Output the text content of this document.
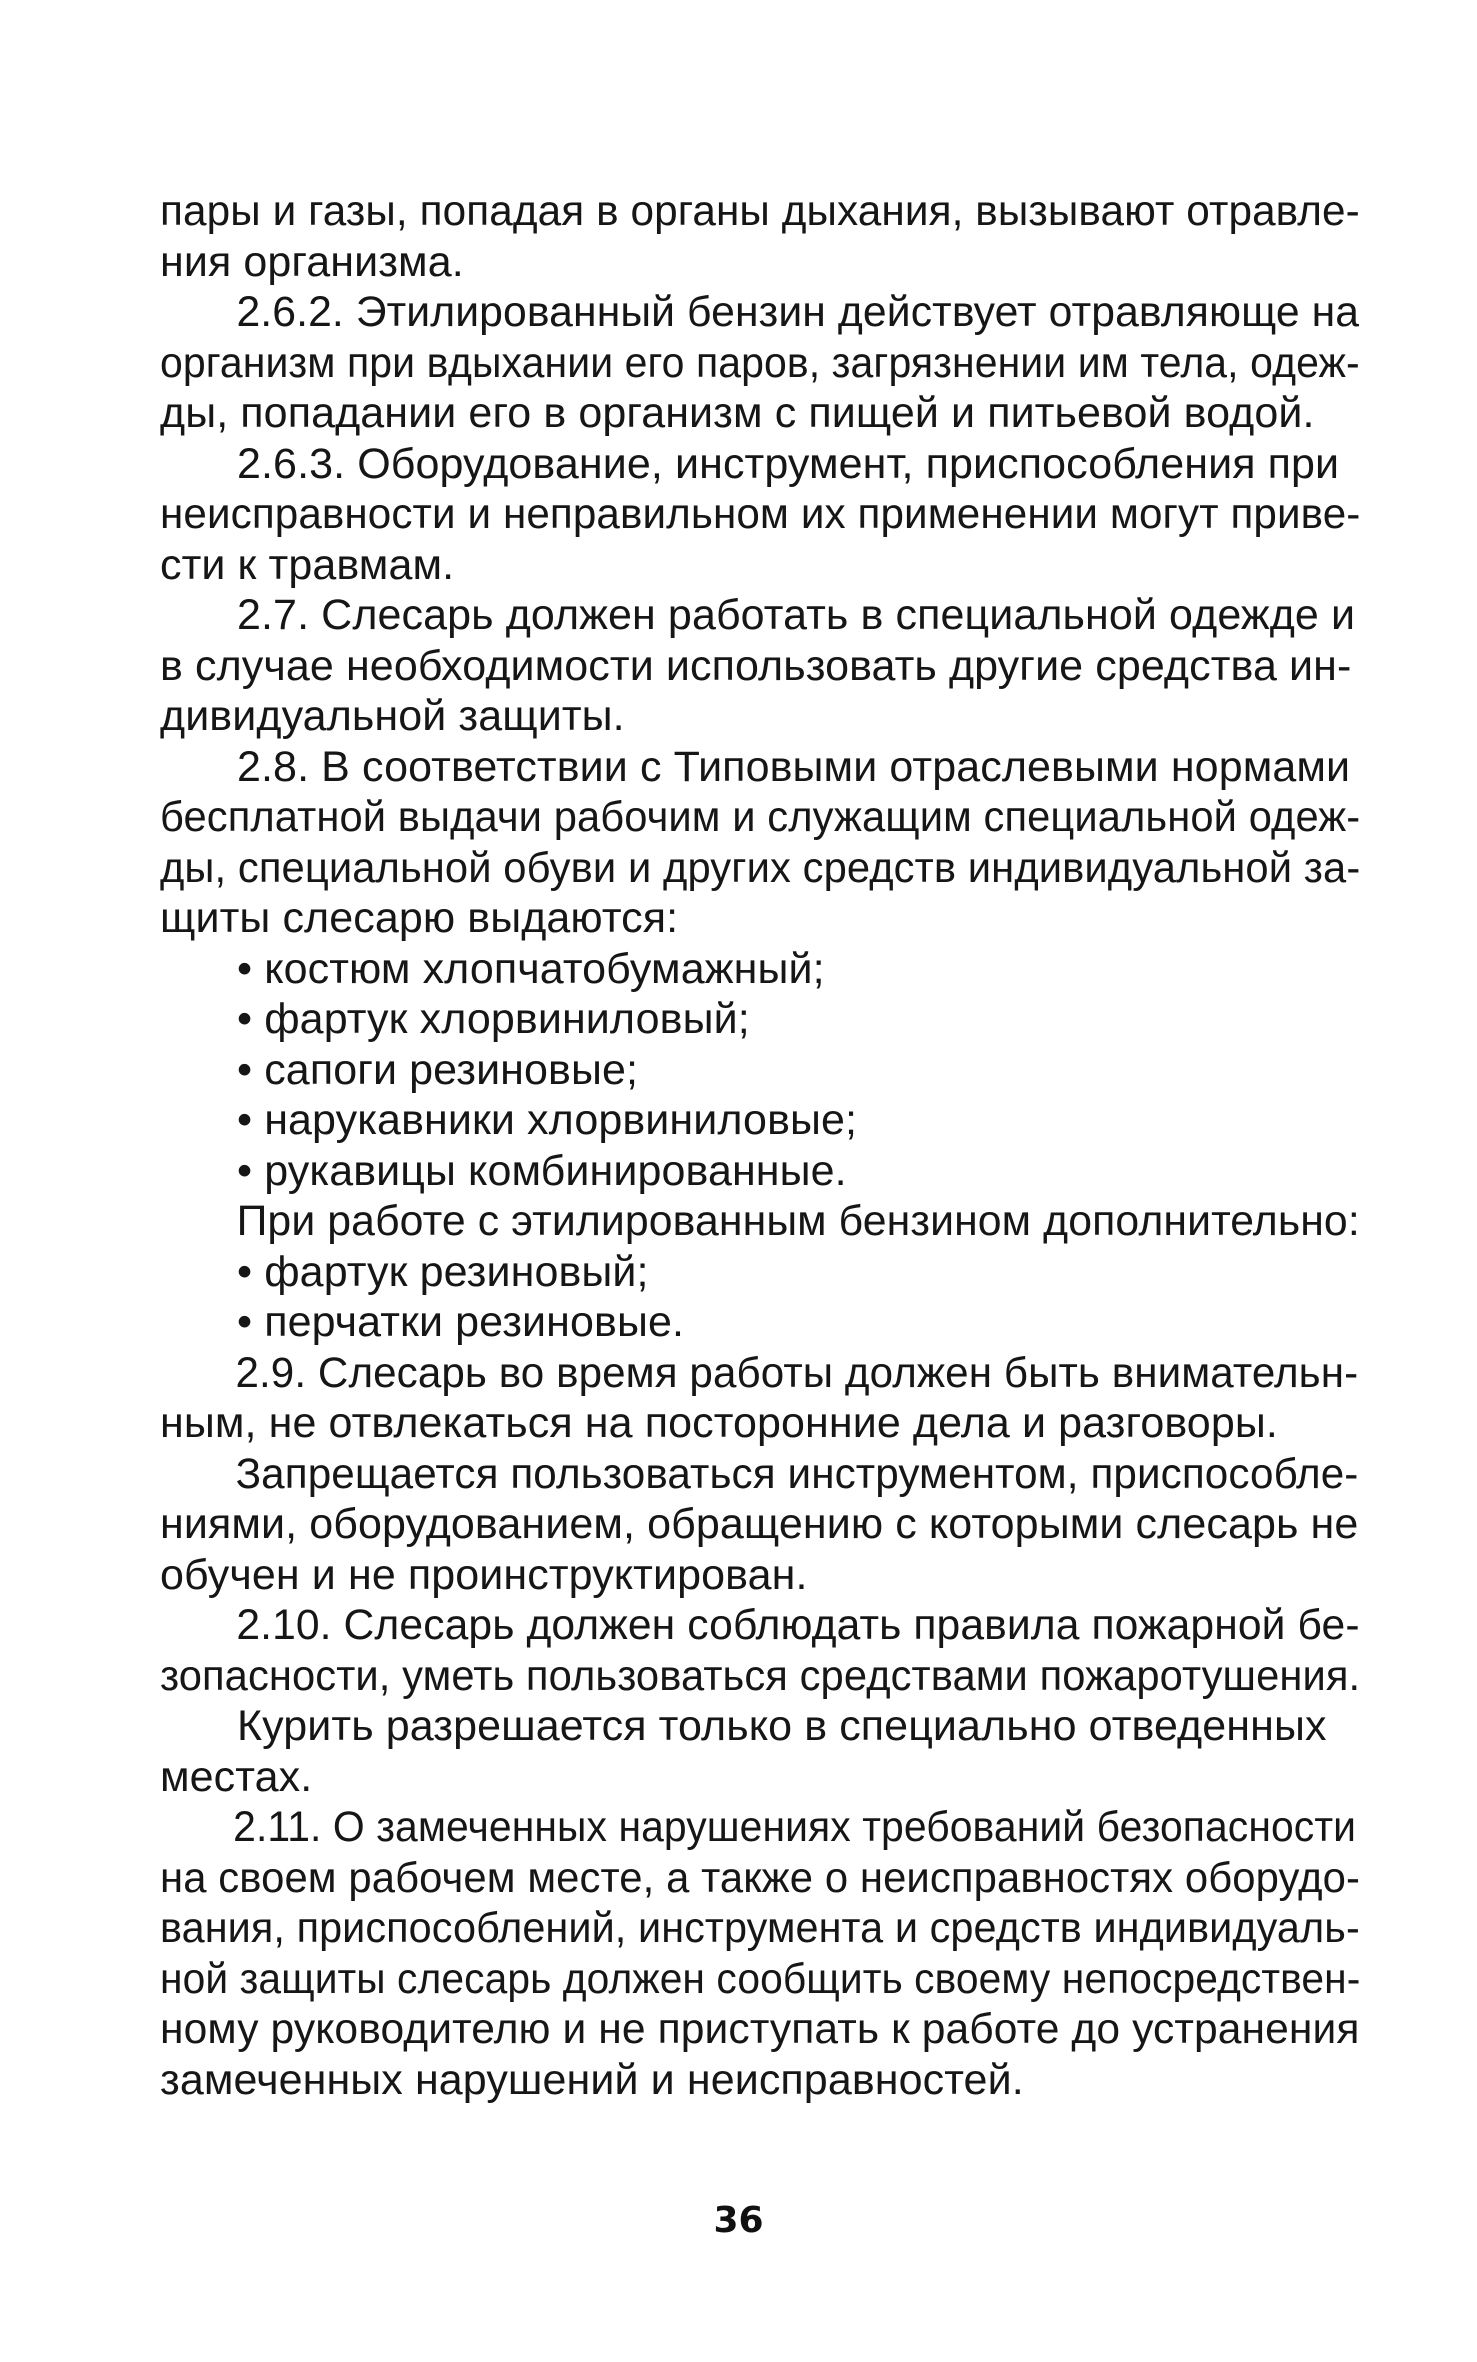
пары и газы, попадая в органы дыхания, вызывают отравле-
ния организма.
2.6.2. Этилированный бензин действует отравляюще на
организм при вдыхании его паров, загрязнении им тела, одеж-
ды, попадании его в организм с пищей и питьевой водой.
2.6.3. Оборудование, инструмент, приспособления при
неисправности и неправильном их применении могут приве-
сти к травмам.
2.7. Слесарь должен работать в специальной одежде и
в случае необходимости использовать другие средства ин-
дивидуальной защиты.
2.8. В соответствии с Типовыми отраслевыми нормами
бесплатной выдачи рабочим и служащим специальной одеж-
ды, специальной обуви и других средств индивидуальной за-
щиты слесарю выдаются:
• костюм хлопчатобумажный;
• фартук хлорвиниловый;
• сапоги резиновые;
• нарукавники хлорвиниловые;
• рукавицы комбинированные.
При работе с этилированным бензином дополнительно:
• фартук резиновый;
• перчатки резиновые.
2.9. Слесарь во время работы должен быть внимательн-
ным, не отвлекаться на посторонние дела и разговоры.
Запрещается пользоваться инструментом, приспособле-
ниями, оборудованием, обращению с которыми слесарь не
обучен и не проинструктирован.
2.10. Слесарь должен соблюдать правила пожарной бе-
зопасности, уметь пользоваться средствами пожаротушения.
Курить разрешается только в специально отведенных
местах.
2.11. О замеченных нарушениях требований безопасности
на своем рабочем месте, а также о неисправностях оборудо-
вания, приспособлений, инструмента и средств индивидуаль-
ной защиты слесарь должен сообщить своему непосредствен-
ному руководителю и не приступать к работе до устранения
замеченных нарушений и неисправностей.
36
